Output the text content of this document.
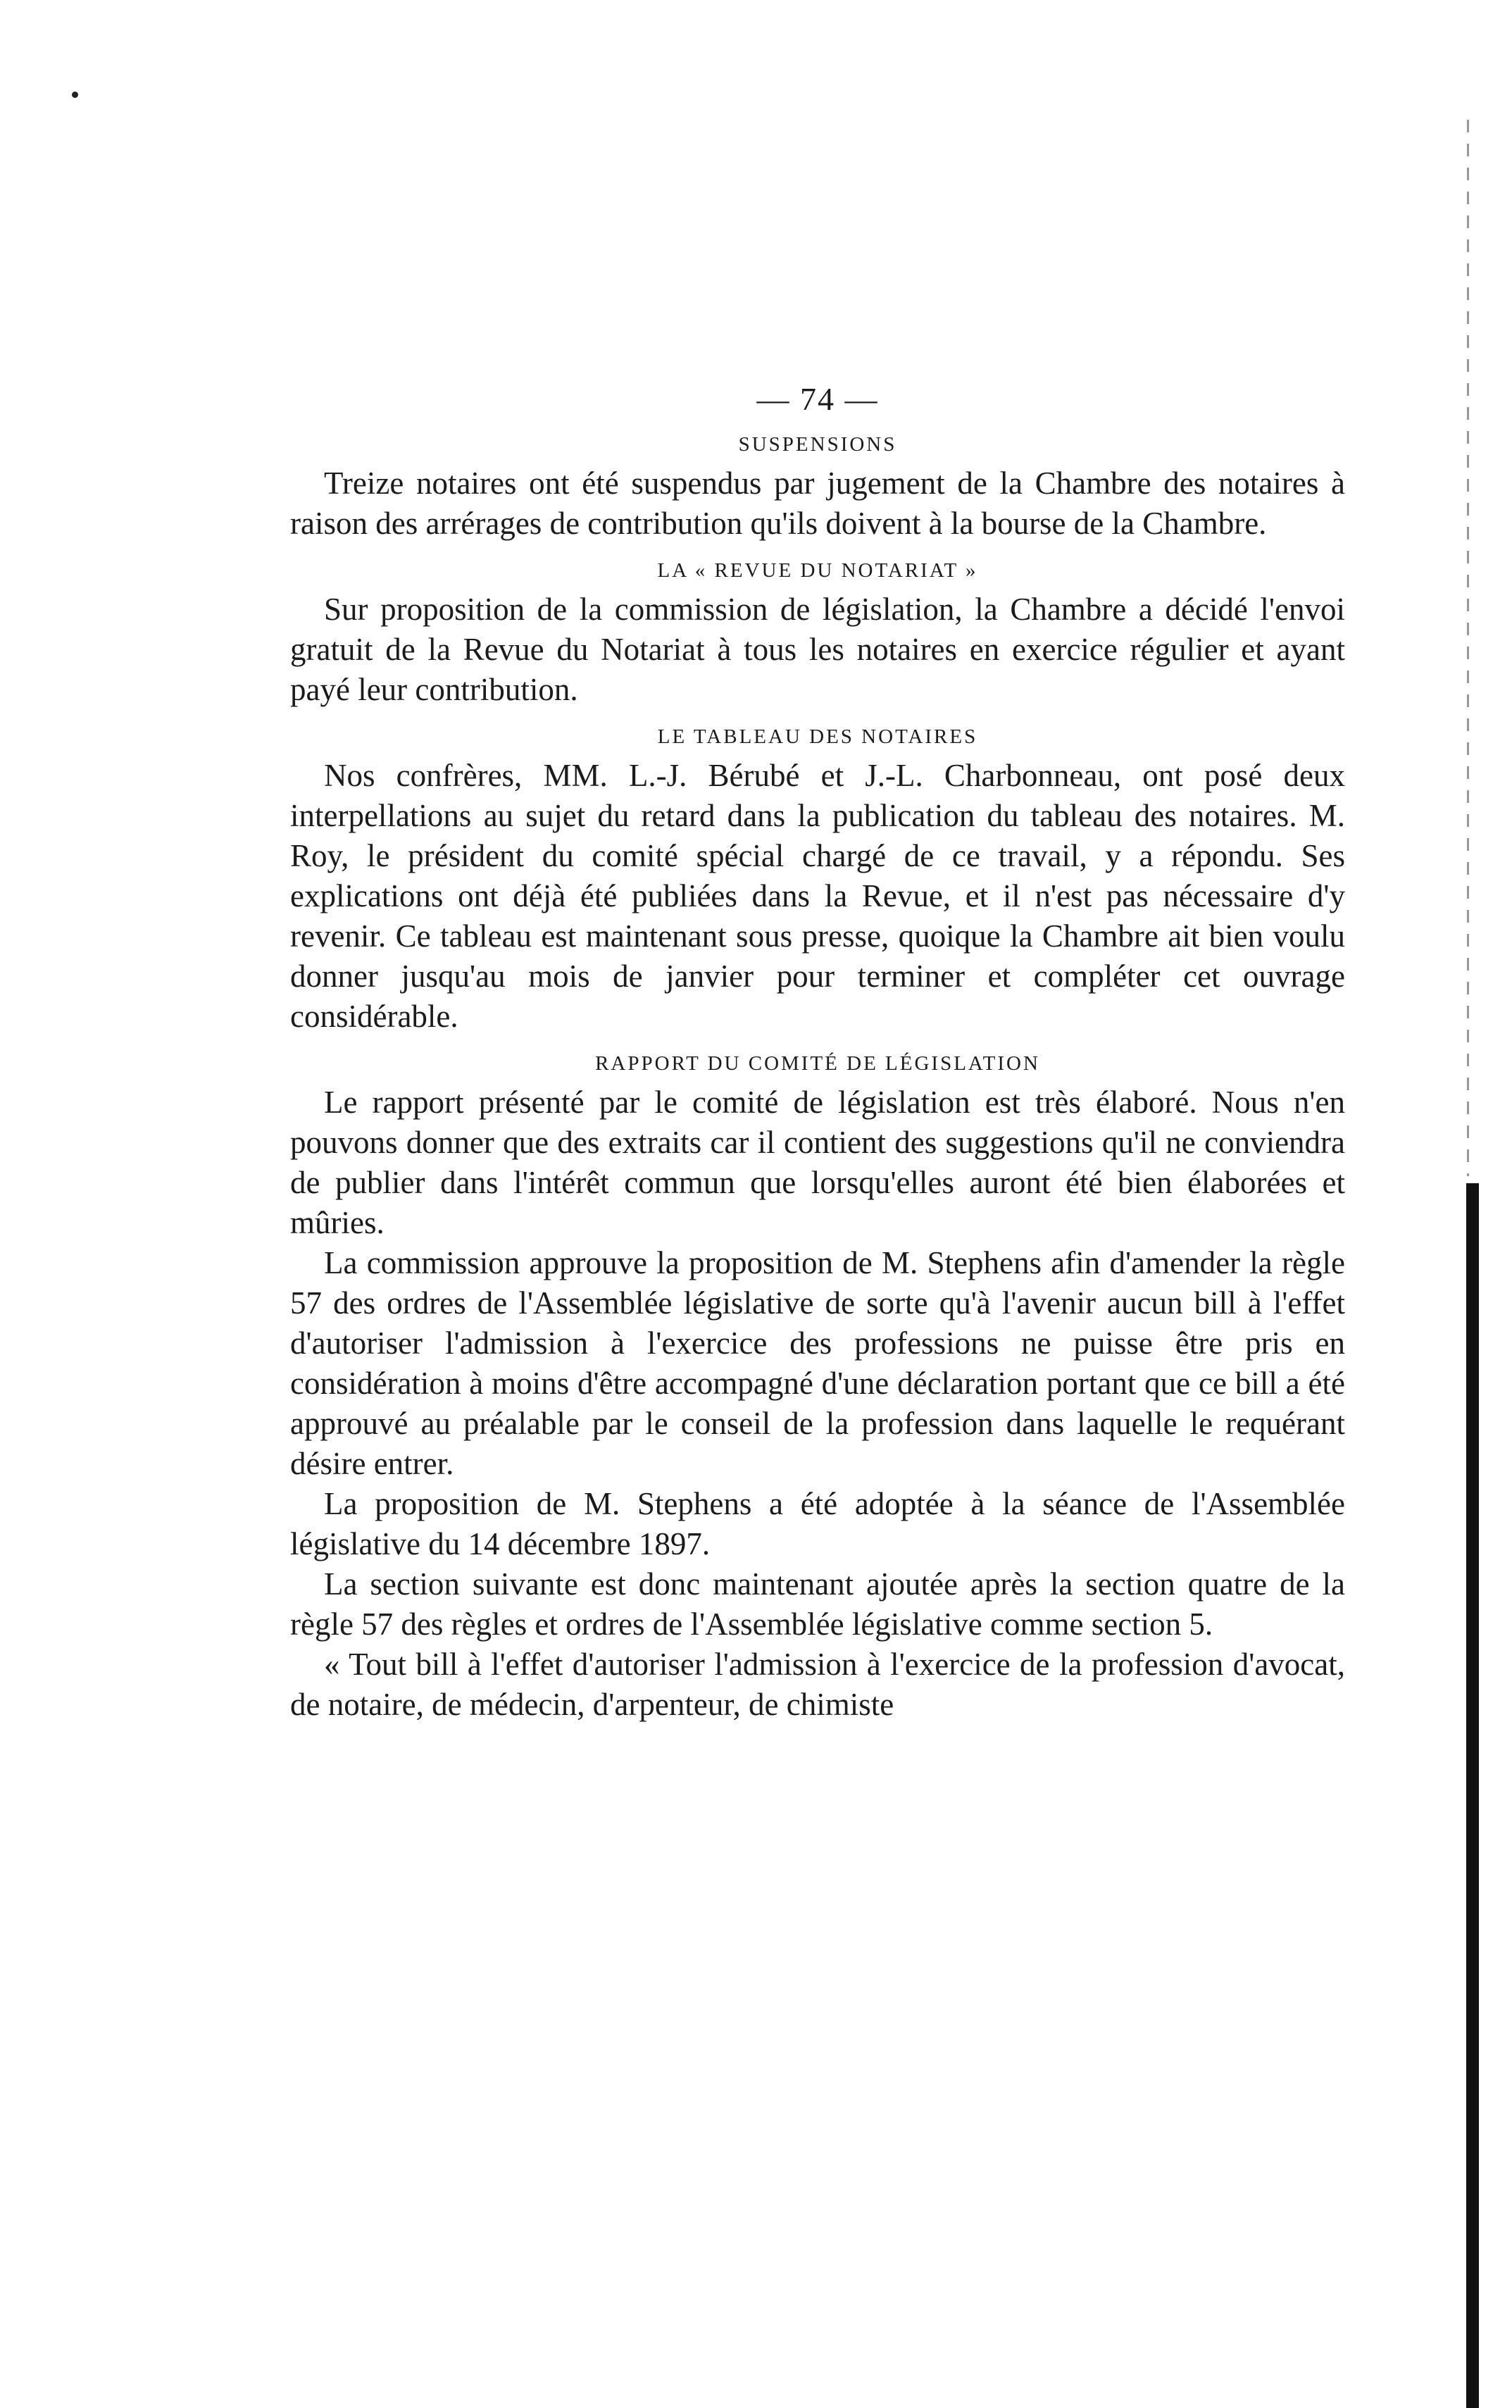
— 74 —
SUSPENSIONS

Treize notaires ont été suspendus par jugement de la Chambre des notaires à raison des arrérages de contribution qu'ils doivent à la bourse de la Chambre.

LA « REVUE DU NOTARIAT »

Sur proposition de la commission de législation, la Chambre a décidé l'envoi gratuit de la Revue du Notariat à tous les notaires en exercice régulier et ayant payé leur contribution.

LE TABLEAU DES NOTAIRES

Nos confrères, MM. L.-J. Bérubé et J.-L. Charbonneau, ont posé deux interpellations au sujet du retard dans la publication du tableau des notaires. M. Roy, le président du comité spécial chargé de ce travail, y a répondu. Ses explications ont déjà été publiées dans la Revue, et il n'est pas nécessaire d'y revenir. Ce tableau est maintenant sous presse, quoique la Chambre ait bien voulu donner jusqu'au mois de janvier pour terminer et compléter cet ouvrage considérable.

RAPPORT DU COMITÉ DE LÉGISLATION

Le rapport présenté par le comité de législation est très élaboré. Nous n'en pouvons donner que des extraits car il contient des suggestions qu'il ne conviendra de publier dans l'intérêt commun que lorsqu'elles auront été bien élaborées et mûries.

La commission approuve la proposition de M. Stephens afin d'amender la règle 57 des ordres de l'Assemblée législative de sorte qu'à l'avenir aucun bill à l'effet d'autoriser l'admission à l'exercice des professions ne puisse être pris en considération à moins d'être accompagné d'une déclaration portant que ce bill a été approuvé au préalable par le conseil de la profession dans laquelle le requérant désire entrer.

La proposition de M. Stephens a été adoptée à la séance de l'Assemblée législative du 14 décembre 1897.

La section suivante est donc maintenant ajoutée après la section quatre de la règle 57 des règles et ordres de l'Assemblée législative comme section 5.

« Tout bill à l'effet d'autoriser l'admission à l'exercice de la profession d'avocat, de notaire, de médecin, d'arpenteur, de chimiste
